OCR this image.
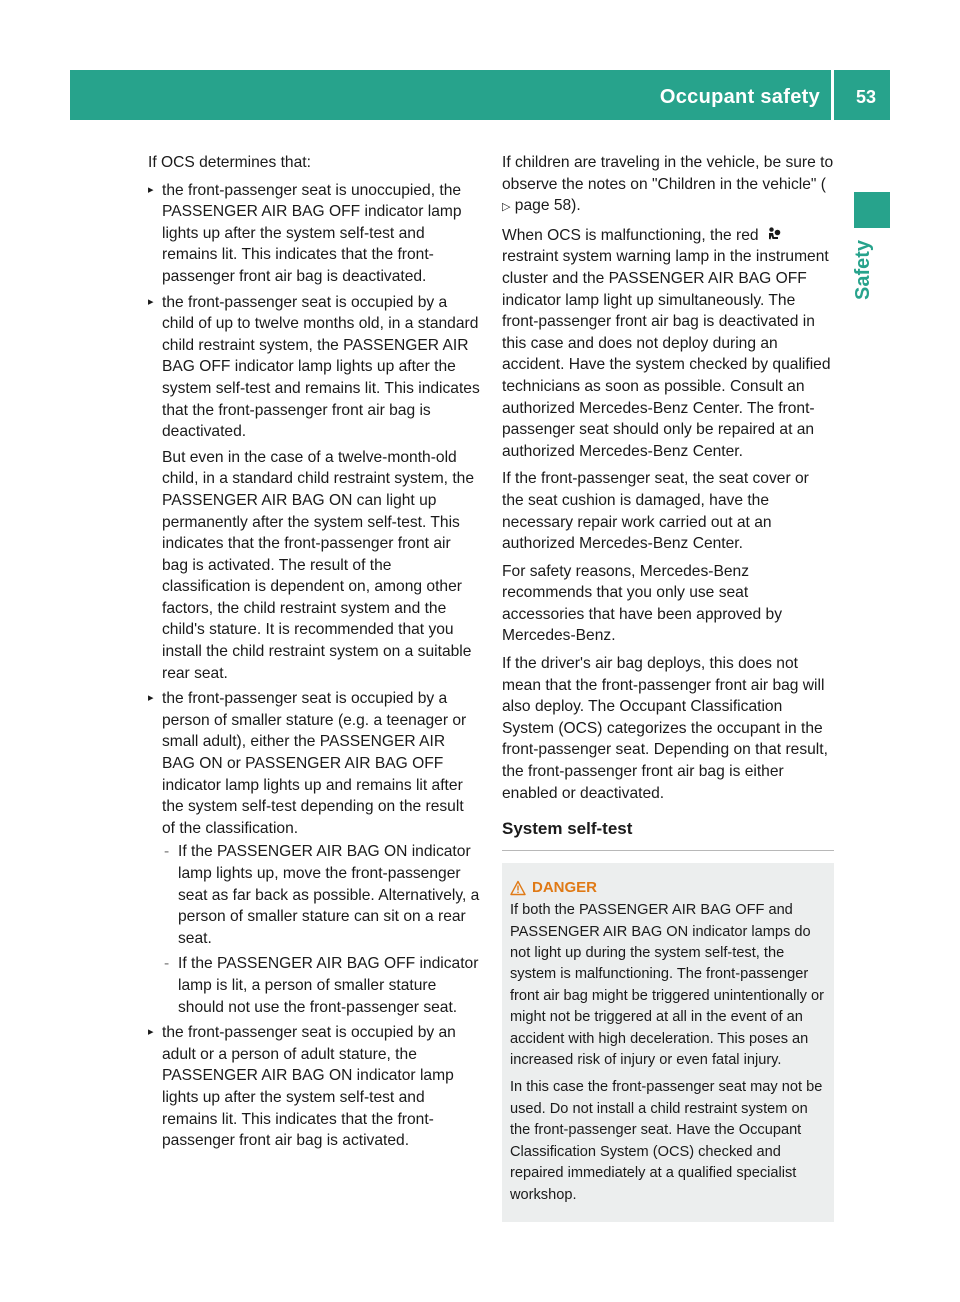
Occupant safety 53
Safety

If OCS determines that:

▸ the front-passenger seat is unoccupied, the PASSENGER AIR BAG OFF indicator lamp lights up after the system self-test and remains lit. This indicates that the front-passenger front air bag is deactivated.
▸ the front-passenger seat is occupied by a child of up to twelve months old, in a standard child restraint system, the PASSENGER AIR BAG OFF indicator lamp lights up after the system self-test and remains lit. This indicates that the front-passenger front air bag is deactivated.
But even in the case of a twelve-month-old child, in a standard child restraint system, the PASSENGER AIR BAG ON can light up permanently after the system self-test. This indicates that the front-passenger front air bag is activated. The result of the classification is dependent on, among other factors, the child restraint system and the child's stature. It is recommended that you install the child restraint system on a suitable rear seat.
▸ the front-passenger seat is occupied by a person of smaller stature (e.g. a teenager or small adult), either the PASSENGER AIR BAG ON or PASSENGER AIR BAG OFF indicator lamp lights up and remains lit after the system self-test depending on the result of the classification.
- If the PASSENGER AIR BAG ON indicator lamp lights up, move the front-passenger seat as far back as possible. Alternatively, a person of smaller stature can sit on a rear seat.
- If the PASSENGER AIR BAG OFF indicator lamp is lit, a person of smaller stature should not use the front-passenger seat.
▸ the front-passenger seat is occupied by an adult or a person of adult stature, the PASSENGER AIR BAG ON indicator lamp lights up after the system self-test and remains lit. This indicates that the front-passenger front air bag is activated.

If children are traveling in the vehicle, be sure to observe the notes on "Children in the vehicle" (▷ page 58).

When OCS is malfunctioning, the red  restraint system warning lamp in the instrument cluster and the PASSENGER AIR BAG OFF indicator lamp light up simultaneously. The front-passenger front air bag is deactivated in this case and does not deploy during an accident. Have the system checked by qualified technicians as soon as possible. Consult an authorized Mercedes-Benz Center. The front-passenger seat should only be repaired at an authorized Mercedes-Benz Center.

If the front-passenger seat, the seat cover or the seat cushion is damaged, have the necessary repair work carried out at an authorized Mercedes-Benz Center.

For safety reasons, Mercedes-Benz recommends that you only use seat accessories that have been approved by Mercedes-Benz.

If the driver's air bag deploys, this does not mean that the front-passenger front air bag will also deploy. The Occupant Classification System (OCS) categorizes the occupant in the front-passenger seat. Depending on that result, the front-passenger front air bag is either enabled or deactivated.

System self-test
DANGER

If both the PASSENGER AIR BAG OFF and PASSENGER AIR BAG ON indicator lamps do not light up during the system self-test, the system is malfunctioning. The front-passenger front air bag might be triggered unintentionally or might not be triggered at all in the event of an accident with high deceleration. This poses an increased risk of injury or even fatal injury.

In this case the front-passenger seat may not be used. Do not install a child restraint system on the front-passenger seat. Have the Occupant Classification System (OCS) checked and repaired immediately at a qualified specialist workshop.
